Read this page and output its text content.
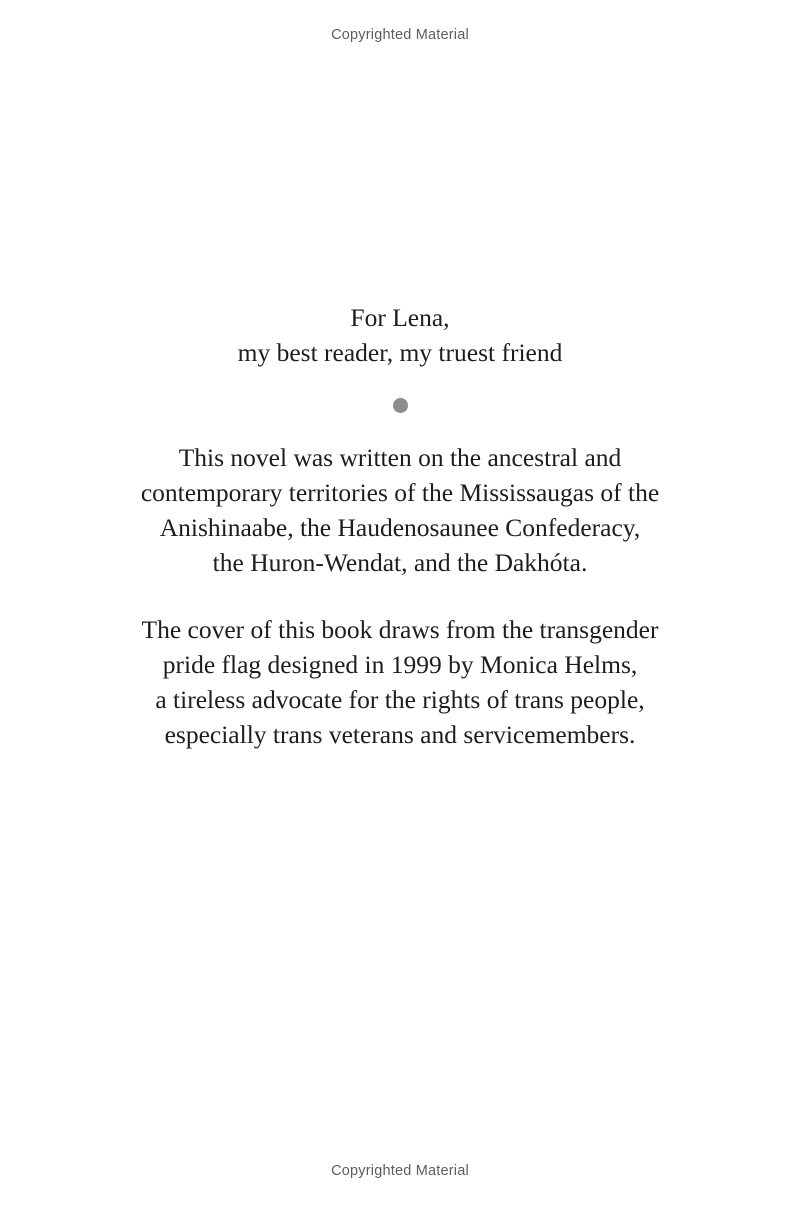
Copyrighted Material
For Lena,
my best reader, my truest friend

This novel was written on the ancestral and
contemporary territories of the Mississaugas of the
Anishinaabe, the Haudenosaunee Confederacy,
the Huron-Wendat, and the Dakhóta.

The cover of this book draws from the transgender
pride flag designed in 1999 by Monica Helms,
a tireless advocate for the rights of trans people,
especially trans veterans and servicemembers.

Copyrighted Material
